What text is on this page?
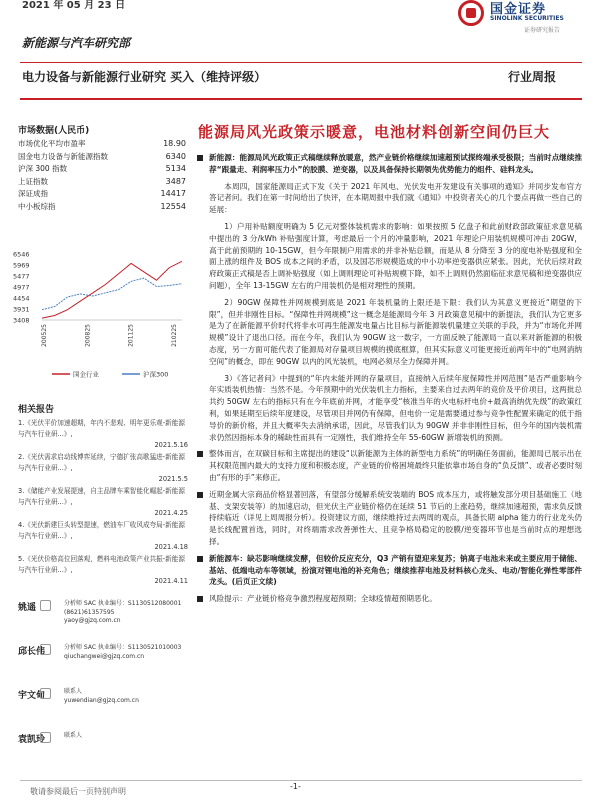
2021 年 05 月 23 日
新能源与汽车研究部
国金证券
SINOLINK SECURITIES
证券研究报告
电力设备与新能源行业研究 买入（维持评级）	行业周报
能源局风光政策示暖意，电池材料创新空间仍巨大
市场数据(人民币)
市场优化平均市盈率	18.90
国金电力设备与新能源指数	6340
沪深 300 指数	5134
上证指数	3487
深证成指	14417
中小板综指	12554
6546
5969
5477
4977
4454
3931
3408
200525	200825	201125	210225
国金行业	沪深300
相关报告
1.《光伏平价加速超期，年内不悲观、明年更乐观-新能源与汽车行业研...》,
2021.5.16
2.《光伏需求启动线博弈延续，宁德扩张高歌猛进-新能源与汽车行业研...》,
2021.5.5
3.《储能产业发展提速，自主品牌车乘智能化崛起-新能源与汽车行业研...》,
2021.4.25
4.《光伏新建巨头转型提速，燃油车厂收风成夸局-新能源与汽车行业研...》,
2021.4.18
5.《光伏价格高位回落观，燃料电池政策产业共振-新能源与汽车行业研...》,
2021.4.11
姚遥	分析师 SAC 执业编号：S1130512080001
(8621)61357595
yaoy@gjzq.com.cn
邱长伟	分析师 SAC 执业编号：S1130521010003
qiuchangwei@gjzq.com.cn
宇文甸	联系人
yuwendian@gjzq.com.cn
袁凯玲	联系人
新能源：能源局风光政策正式稿继续释放暖意，然产业链价格继续加速超预试探终端承受极限；当前时点继续推荐“跟量走、利润率压力小”的胶膜、逆变器，以及具备保持长期领先优势能力的组件、硅料龙头。
本周四，国家能源局正式下发《关于 2021 年风电、光伏发电开发建设有关事项的通知》并同步发布官方答记者问。我们在第一时间给出了快评，在本期周报中我们就《通知》中投资者关心的几个要点再做一些自己的延展：
1）户用补贴额度明确为 5 亿元对整体装机需求的影响：如果按照 5 亿盘子和此前财政部政策征求意见稿中提出的 3 分/kWh 补贴强度计算，考虑最后一个月的冲量影响，2021 年理论户用装机规模可冲击 20GW，高于此前预期的 10-15GW，但今年限制户用需求的并非补贴总额，而是从 8 分降至 3 分的度电补贴强度和全面上涨的组件及 BOS 成本之间的矛盾，以及国芯形规模造成的中小功率逆变器供应紧张。因此，光伏后续对政府政策正式稿是否上调补贴强度（如上调则理论可补贴规模下降，如不上调则仍然面临征求意见稿和逆变器供应问题），全年 13-15GW 左右的户用装机仍是相对理性的预期。
2）90GW 保障性并网规模到底是 2021 年装机量的上限还是下限：我们认为其意义更接近“期望的下限”，但并非刚性目标。“保障性并网规模”这一概念是能源局今年 3 月政策意见稿中的新提法，我们认为它更多是为了在新能源平价时代将非水可再生能源发电量占比目标与新能源装机量建立关联的手段，并为“市场化并网规模”设计了退出口径。而在今年，我们认为 90GW 这一数字，一方面反映了能源局一直以来对新能源的积极态度，另一方面可能代表了能源局对存量项目规模的摸底框算，但其实际意义可能更接近前两年中的“电网消纳空间”的概念，即在 90GW 以内的风光装机，电网必须尽全力保障并网。
3）《答记者问》中提到的“年内未能并网的存量项目，直接纳入后续年度保障性并网范围”是否严重影响今年实质装机热情：当然不是。今年预期中的光伏装机主力指标，主要来自过去两年的竞价及平价项目，这两批总共约 50GW 左右的指标只有在今年底前并网，才能享受“核准当年的火电标杆电价+最高消纳优先级”的政策红利，如果延期至后续年度建设，尽管项目并网仍有保障，但电价一定是需要通过参与竞争性配置来确定的低于指导价的新价格，并且大概率失去消纳承诺，因此，尽管我们认为 90GW 并非非刚性目标，但今年的国内装机需求仍然因指标本身的稀缺性而具有一定刚性，我们维持全年 55-60GW 新增装机的预测。
整体而言，在双碳目标和主席提出的建设“以新能源为主体的新型电力系统”的明确任务面前，能源局已展示出在其权限范围内最大的支持力度和积极态度，产业链的价格困境最终只能依靠市场自身的“负反馈”、或者必要时刻由“有形的手”来修正。
近期金属大宗商品价格显著回落，有望部分缓解系统安装端的 BOS 成本压力，或将触发部分项目基础施工（地基、支架安装等）的加速启动，但光伏主产业链价格仍在延续 51 节后的上涨趋势，继续加速超预，需求负反馈持续临近（详见上周周报分析）。投资建议方面，继续维持过去两周的观点，具备长期 alpha 能力的行业龙头仍是长线配置首选，同时，对终端需求改善弹性大、且竞争格局稳定的胶膜/逆变器环节也是当前时点的理想选择。
新能源车：缺芯影响继续发酵，但较价反应充分，Q3 产销有望迎来复苏；钠离子电池未来或主要应用于储能、基站、低端电动车等领域，扮演对锂电池的补充角色；继续推荐电池及材料核心龙头、电动/智能化弹性零部件龙头。(后页正文续)
风险提示：产业链价格竞争激烈程度超预期；全球疫情超预期恶化。
敬请参阅最后一页特别声明
-1-
